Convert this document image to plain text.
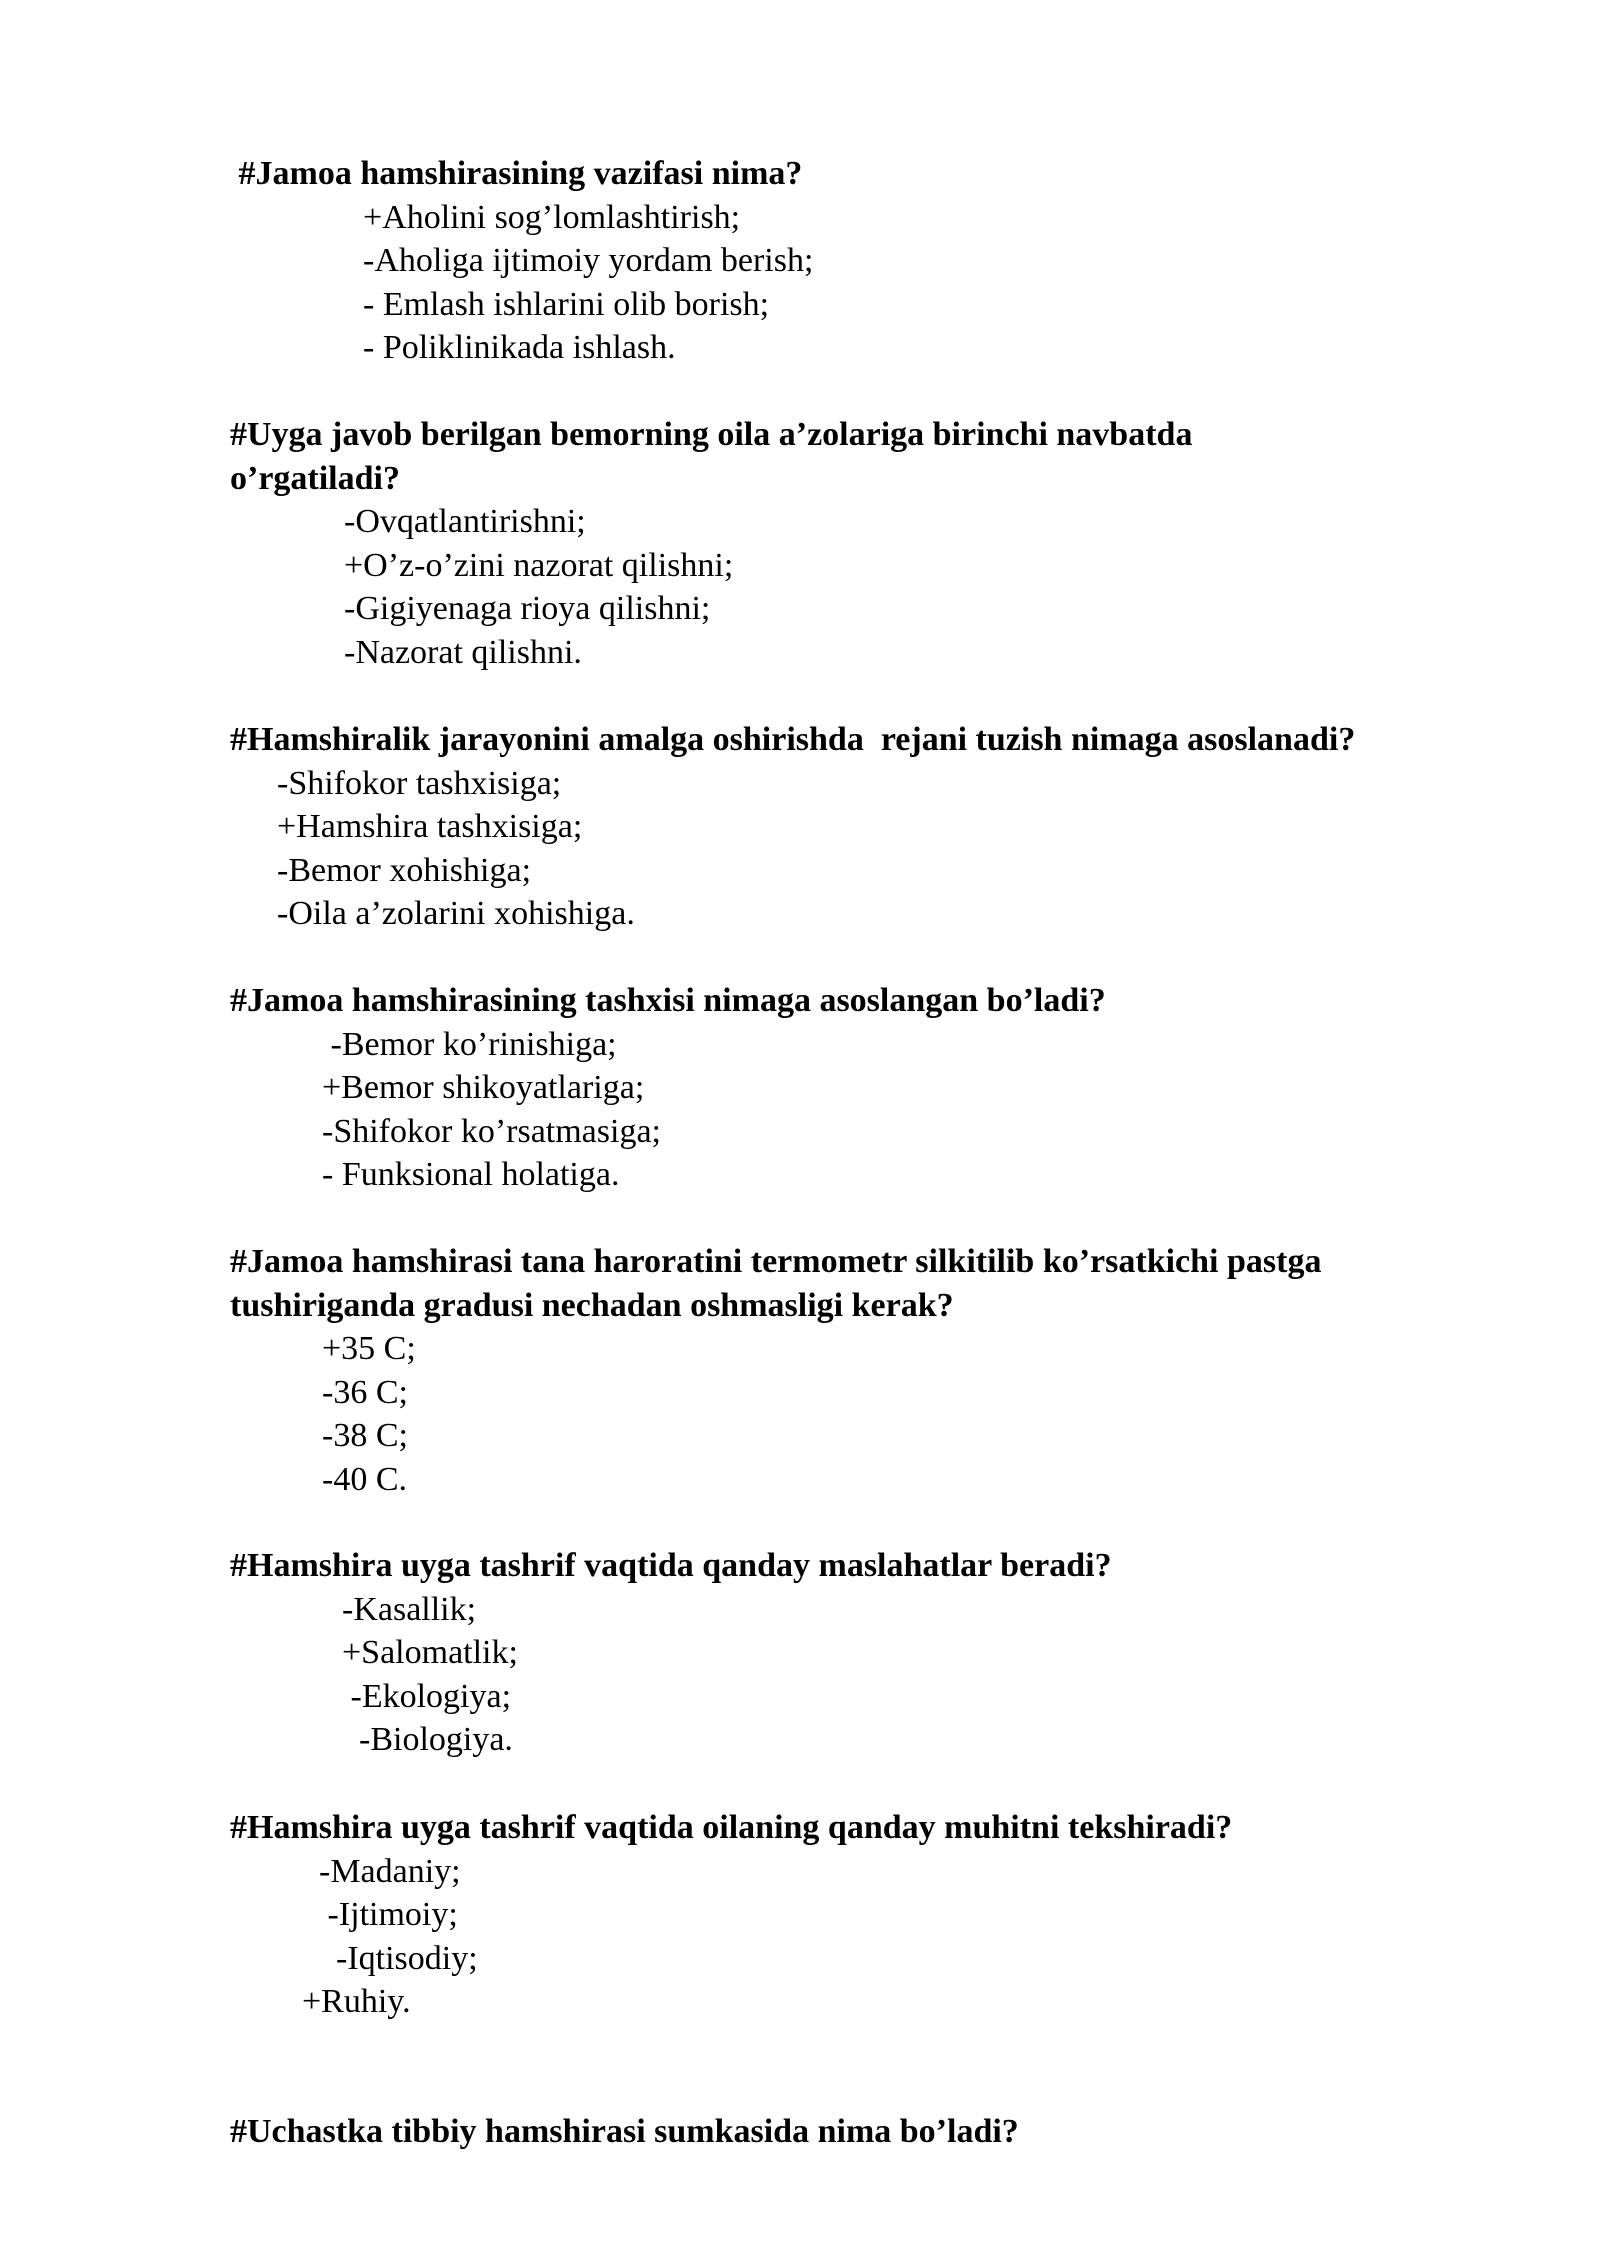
#Jamoa hamshirasining vazifasi nima?

+Aholini sog’lomlashtirish;
-Aholiga ijtimoiy yordam berish;
- Emlash ishlarini olib borish;
- Poliklinikada ishlash.

#Uyga javob berilgan bemorning oila a’zolariga birinchi navbatda o’rgatiladi?

-Ovqatlantirishni;
+O’z-o’zini nazorat qilishni;
-Gigiyenaga rioya qilishni;
-Nazorat qilishni.

#Hamshiralik jarayonini amalga oshirishda  rejani tuzish nimaga asoslanadi?

-Shifokor tashxisiga;
+Hamshira tashxisiga;
-Bemor xohishiga;
-Oila a’zolarini xohishiga.

#Jamoa hamshirasining tashxisi nimaga asoslangan bo’ladi?

-Bemor ko’rinishiga;
+Bemor shikoyatlariga;
-Shifokor ko’rsatmasiga;
- Funksional holatiga.

#Jamoa hamshirasi tana haroratini termometr silkitilib ko’rsatkichi pastga tushiriganda gradusi nechadan oshmasligi kerak?

+35 C;
-36 C;
-38 C;
-40 C.

#Hamshira uyga tashrif vaqtida qanday maslahatlar beradi?

-Kasallik;
+Salomatlik;
-Ekologiya;
-Biologiya.

#Hamshira uyga tashrif vaqtida oilaning qanday muhitni tekshiradi?

-Madaniy;
-Ijtimoiy;
-Iqtisodiy;
+Ruhiy.

#Uchastka tibbiy hamshirasi sumkasida nima bo’ladi?
